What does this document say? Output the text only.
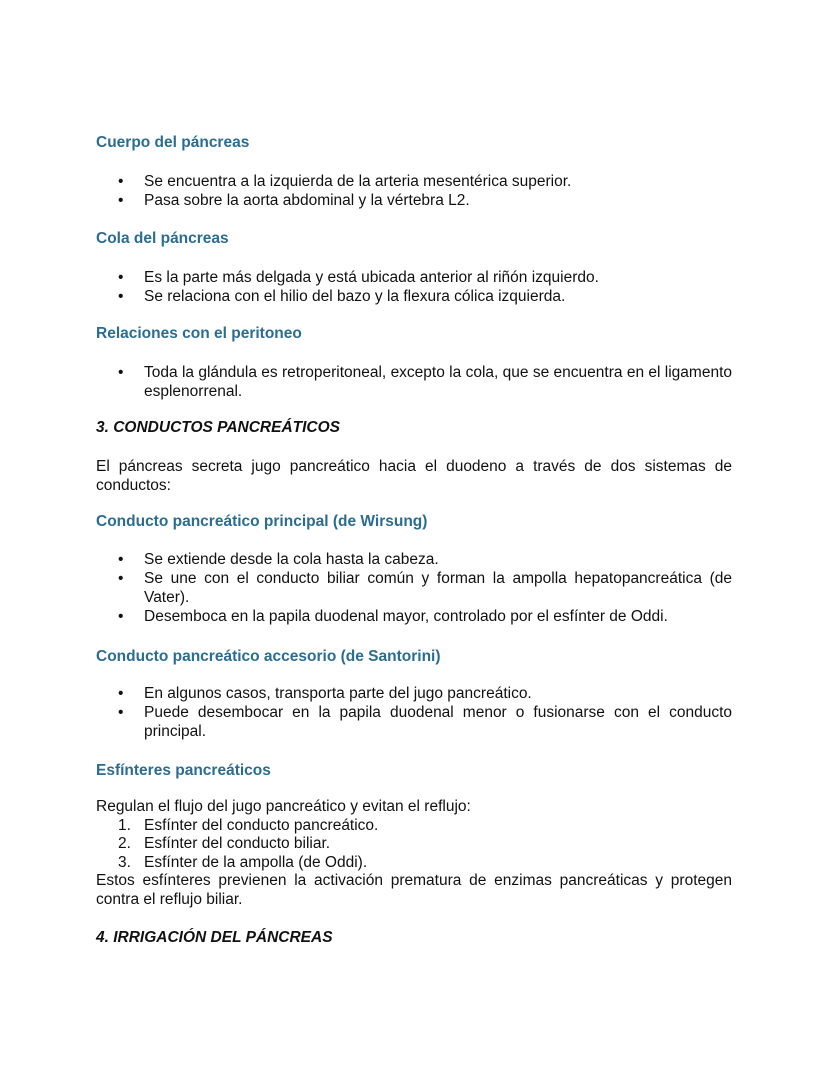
Cuerpo del páncreas
• Se encuentra a la izquierda de la arteria mesentérica superior.
• Pasa sobre la aorta abdominal y la vértebra L2.
Cola del páncreas
• Es la parte más delgada y está ubicada anterior al riñón izquierdo.
• Se relaciona con el hilio del bazo y la flexura cólica izquierda.
Relaciones con el peritoneo
• Toda la glándula es retroperitoneal, excepto la cola, que se encuentra en el ligamento esplenorrenal.
3. CONDUCTOS PANCREÁTICOS

El páncreas secreta jugo pancreático hacia el duodeno a través de dos sistemas de conductos:

Conducto pancreático principal (de Wirsung)
• Se extiende desde la cola hasta la cabeza.
• Se une con el conducto biliar común y forman la ampolla hepatopancreática (de Vater).
• Desemboca en la papila duodenal mayor, controlado por el esfínter de Oddi.
Conducto pancreático accesorio (de Santorini)
• En algunos casos, transporta parte del jugo pancreático.
• Puede desembocar en la papila duodenal menor o fusionarse con el conducto principal.
Esfínteres pancreáticos

Regulan el flujo del jugo pancreático y evitan el reflujo:

1. Esfínter del conducto pancreático.
2. Esfínter del conducto biliar.
3. Esfínter de la ampolla (de Oddi).

Estos esfínteres previenen la activación prematura de enzimas pancreáticas y protegen contra el reflujo biliar.

4. IRRIGACIÓN DEL PÁNCREAS
